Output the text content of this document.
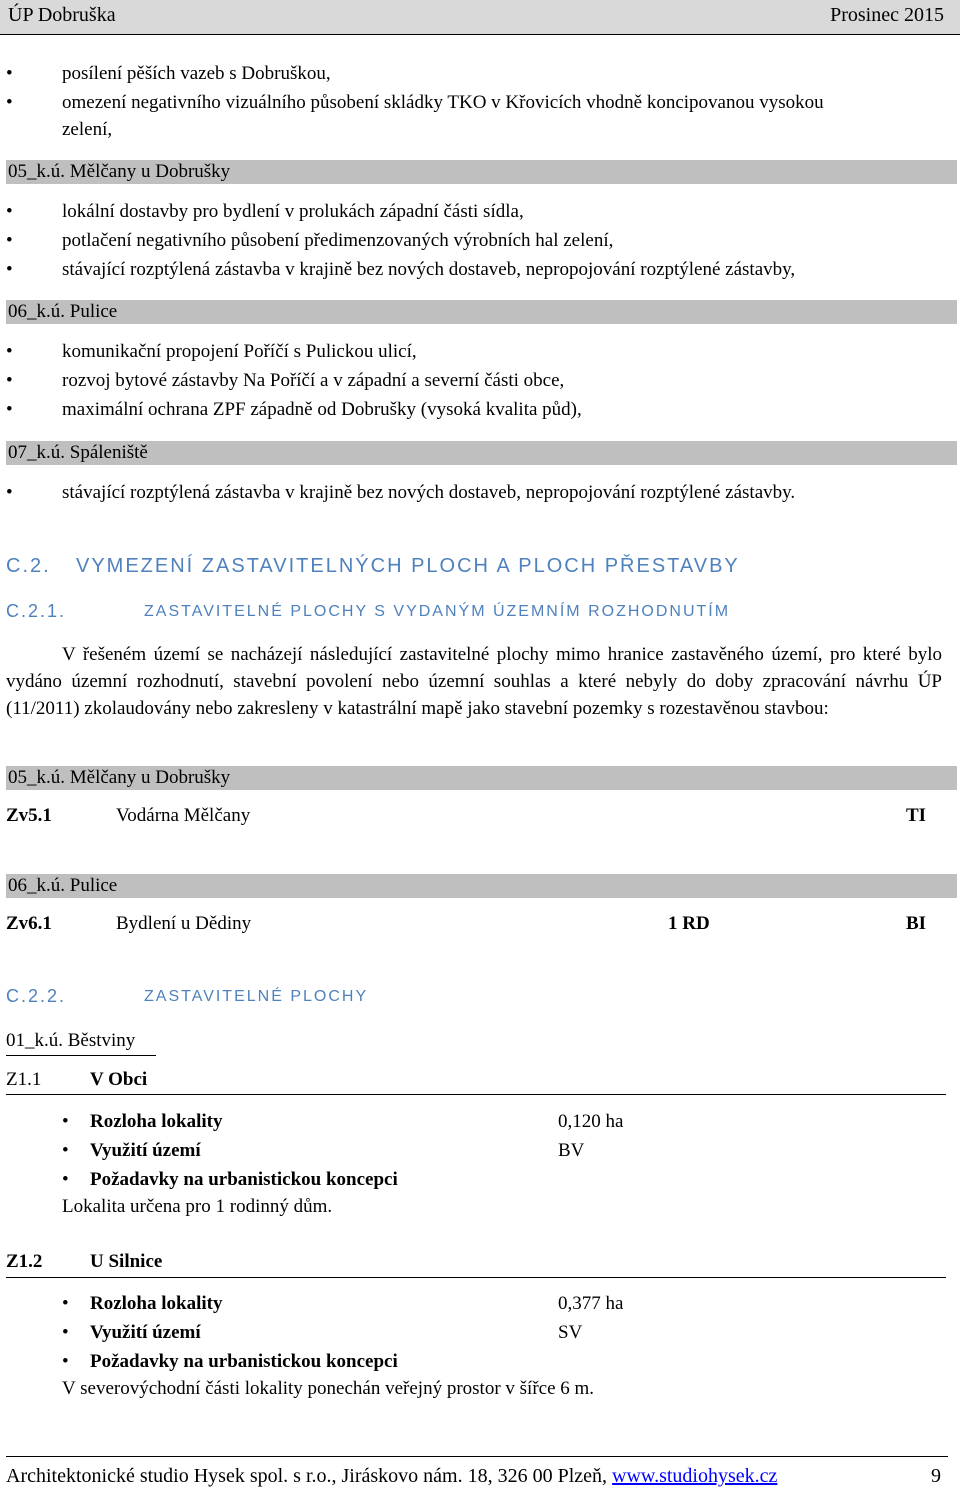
ÚP Dobruška	Prosinec 2015
posílení pěších vazeb s Dobruškou,
omezení negativního vizuálního působení skládky TKO v Křovicích vhodně koncipovanou vysokou
zelení,
05_k.ú. Mělčany u Dobrušky
lokální dostavby pro bydlení v prolukách západní části sídla,
potlačení negativního působení předimenzovaných výrobních hal zelení,
stávající rozptýlená zástavba v krajině bez nových dostaveb, nepropojování rozptýlené zástavby,
06_k.ú. Pulice
komunikační propojení Poříčí s Pulickou ulicí,
rozvoj bytové zástavby Na Poříčí a v západní a severní části obce,
maximální ochrana ZPF západně od Dobrušky (vysoká kvalita půd),
07_k.ú. Spáleniště
stávající rozptýlená zástavba v krajině bez nových dostaveb, nepropojování rozptýlené zástavby.
C.2. VYMEZENÍ ZASTAVITELNÝCH PLOCH A PLOCH PŘESTAVBY
C.2.1.	ZASTAVITELNÉ PLOCHY S VYDANÝM ÚZEMNÍM ROZHODNUTÍM
V řešeném území se nacházejí následující zastavitelné plochy mimo hranice zastavěného území, pro které bylo vydáno územní rozhodnutí, stavební povolení nebo územní souhlas a které nebyly do doby zpracování návrhu ÚP (11/2011) zkolaudovány nebo zakresleny v katastrální mapě jako stavební pozemky s rozestavěnou stavbou:
05_k.ú. Mělčany u Dobrušky
Zv5.1	Vodárna Mělčany	TI
06_k.ú. Pulice
Zv6.1	Bydlení u Dědiny	1 RD	BI
C.2.2.	ZASTAVITELNÉ PLOCHY
01_k.ú. Běstviny
Z1.1	V Obci
Rozloha lokality	0,120 ha
Využití území	BV
Požadavky na urbanistickou koncepci
Lokalita určena pro 1 rodinný dům.
Z1.2	U Silnice
Rozloha lokality	0,377 ha
Využití území	SV
Požadavky na urbanistickou koncepci
V severovýchodní části lokality ponechán veřejný prostor v šířce 6 m.
Architektonické studio Hysek spol. s r.o., Jiráskovo nám. 18, 326 00 Plzeň, www.studiohysek.cz	9
